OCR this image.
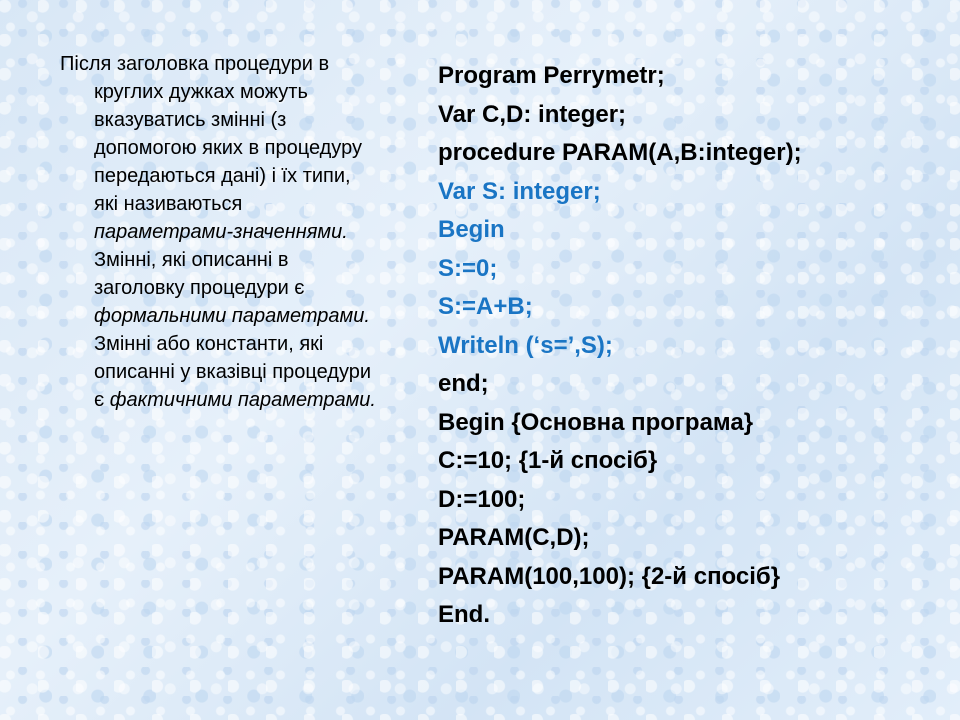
Після заголовка процедури в круглих дужках можуть вказуватись змінні (з допомогою яких в процедуру передаються дані) і їх типи, які називаються параметрами-значеннями. Змінні, які описанні в заголовку процедури є формальними параметрами. Змінні або константи, які описанні у вказівці процедури є фактичними параметрами.

Program Perrymetr;
Var C,D: integer;
procedure PARAM(A,B:integer);
Var S: integer;
Begin
S:=0;
S:=A+B;
Writeln (‘s=’,S);
end;
Begin {Основна програма}
C:=10; {1-й спосіб}
D:=100;
PARAM(C,D);
PARAM(100,100); {2-й спосіб}
End.
